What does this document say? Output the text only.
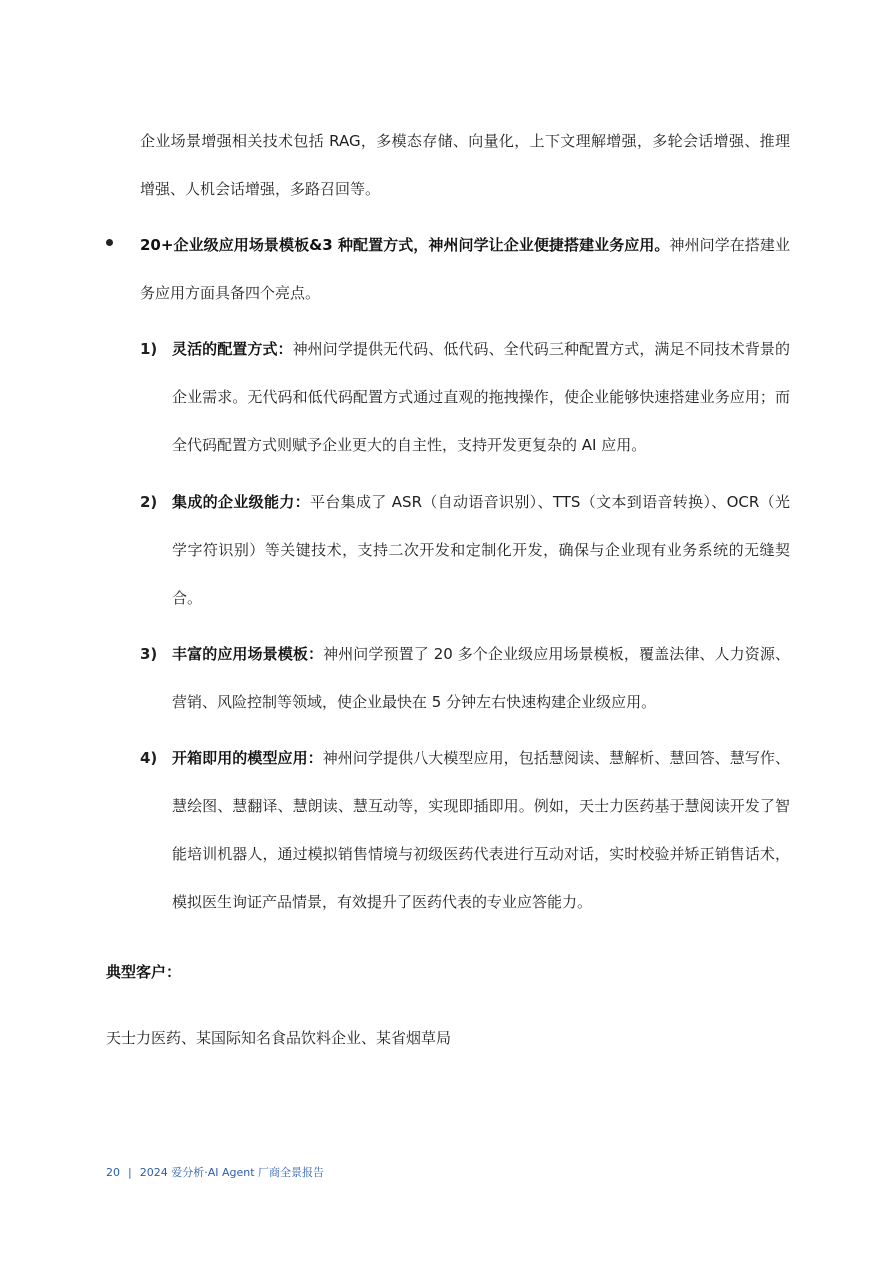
企业场景增强相关技术包括 RAG，多模态存储、向量化，上下文理解增强，多轮会话增强、推理增强、人机会话增强，多路召回等。
20+企业级应用场景模板&3 种配置方式，神州问学让企业便捷搭建业务应用。神州问学在搭建业务应用方面具备四个亮点。
1) 灵活的配置方式：神州问学提供无代码、低代码、全代码三种配置方式，满足不同技术背景的企业需求。无代码和低代码配置方式通过直观的拖拽操作，使企业能够快速搭建业务应用；而全代码配置方式则赋予企业更大的自主性，支持开发更复杂的 AI 应用。
2) 集成的企业级能力：平台集成了 ASR（自动语音识别）、TTS（文本到语音转换）、OCR（光学字符识别）等关键技术，支持二次开发和定制化开发，确保与企业现有业务系统的无缝契合。
3) 丰富的应用场景模板：神州问学预置了 20 多个企业级应用场景模板，覆盖法律、人力资源、营销、风险控制等领域，使企业最快在 5 分钟左右快速构建企业级应用。
4) 开箱即用的模型应用：神州问学提供八大模型应用，包括慧阅读、慧解析、慧回答、慧写作、慧绘图、慧翻译、慧朗读、慧互动等，实现即插即用。例如，天士力医药基于慧阅读开发了智能培训机器人，通过模拟销售情境与初级医药代表进行互动对话，实时校验并矫正销售话术，模拟医生询证产品情景，有效提升了医药代表的专业应答能力。
典型客户：
天士力医药、某国际知名食品饮料企业、某省烟草局
20 | 2024 爱分析·AI Agent 厂商全景报告
